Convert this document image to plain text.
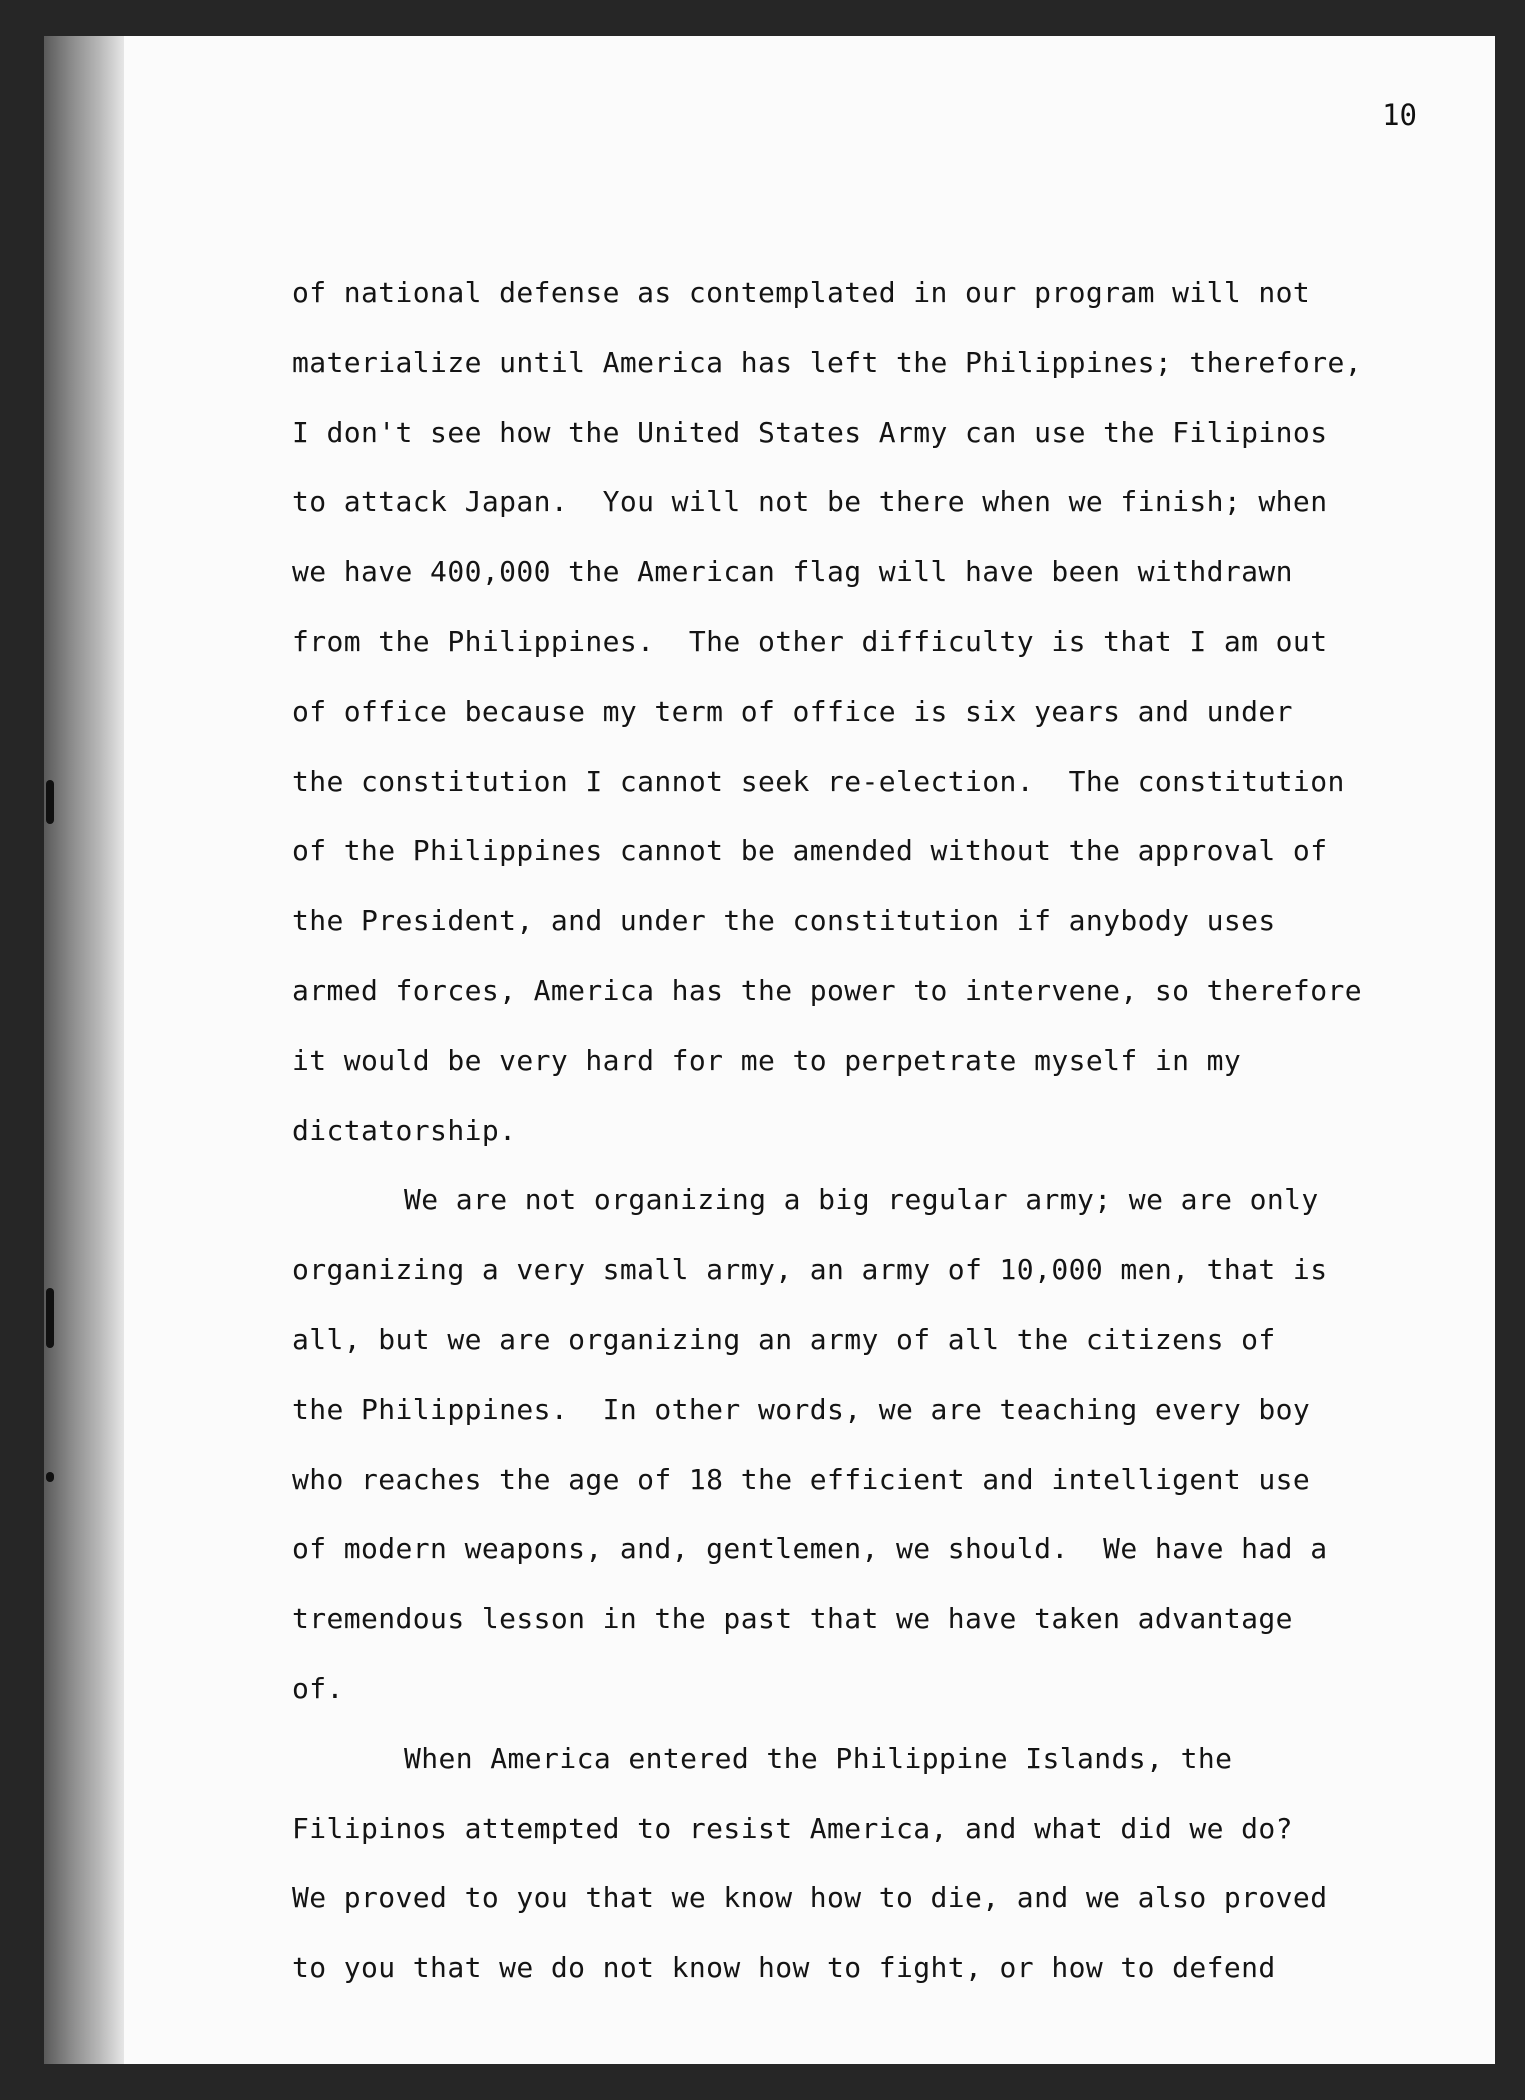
10
of national defense as contemplated in our program will not
materialize until America has left the Philippines; therefore,
I don't see how the United States Army can use the Filipinos
to attack Japan.  You will not be there when we finish; when
we have 400,000 the American flag will have been withdrawn
from the Philippines.  The other difficulty is that I am out
of office because my term of office is six years and under
the constitution I cannot seek re-election.  The constitution
of the Philippines cannot be amended without the approval of
the President, and under the constitution if anybody uses
armed forces, America has the power to intervene, so therefore
it would be very hard for me to perpetrate myself in my
dictatorship.
We are not organizing a big regular army; we are only
organizing a very small army, an army of 10,000 men, that is
all, but we are organizing an army of all the citizens of
the Philippines.  In other words, we are teaching every boy
who reaches the age of 18 the efficient and intelligent use
of modern weapons, and, gentlemen, we should.  We have had a
tremendous lesson in the past that we have taken advantage
of.
When America entered the Philippine Islands, the
Filipinos attempted to resist America, and what did we do?
We proved to you that we know how to die, and we also proved
to you that we do not know how to fight, or how to defend
